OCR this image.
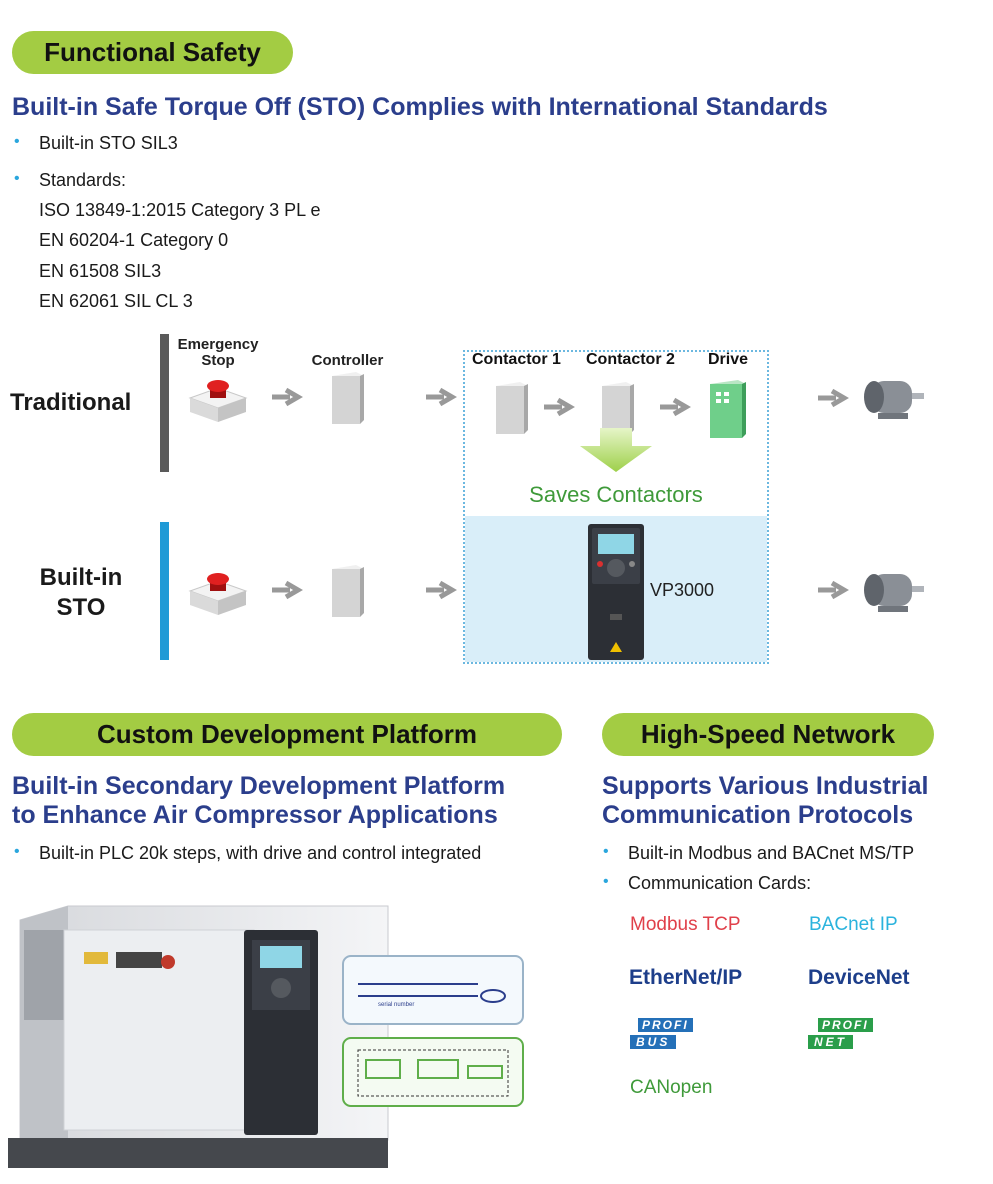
Functional Safety
Built-in Safe Torque Off (STO) Complies with International Standards
• Built-in STO SIL3
• Standards:
ISO 13849-1:2015 Category 3 PL e
EN 60204-1 Category 0
EN 61508 SIL3
EN 62061 SIL CL 3
Traditional
Built-in
STO
Emergency Stop	Controller	Contactor 1 Contactor 2 Drive
Saves Contactors
VP3000
Custom Development Platform
Built-in Secondary Development Platform
to Enhance Air Compressor Applications
• Built-in PLC 20k steps, with drive and control integrated
serial number
High-Speed Network
Supports Various Industrial
Communication Protocols
• Built-in Modbus and BACnet MS/TP
• Communication Cards:
Modbus TCP	BACnet IP
EtherNet/IP	DeviceNet
PROFI
BUS
PROFI
NET
CANopen
